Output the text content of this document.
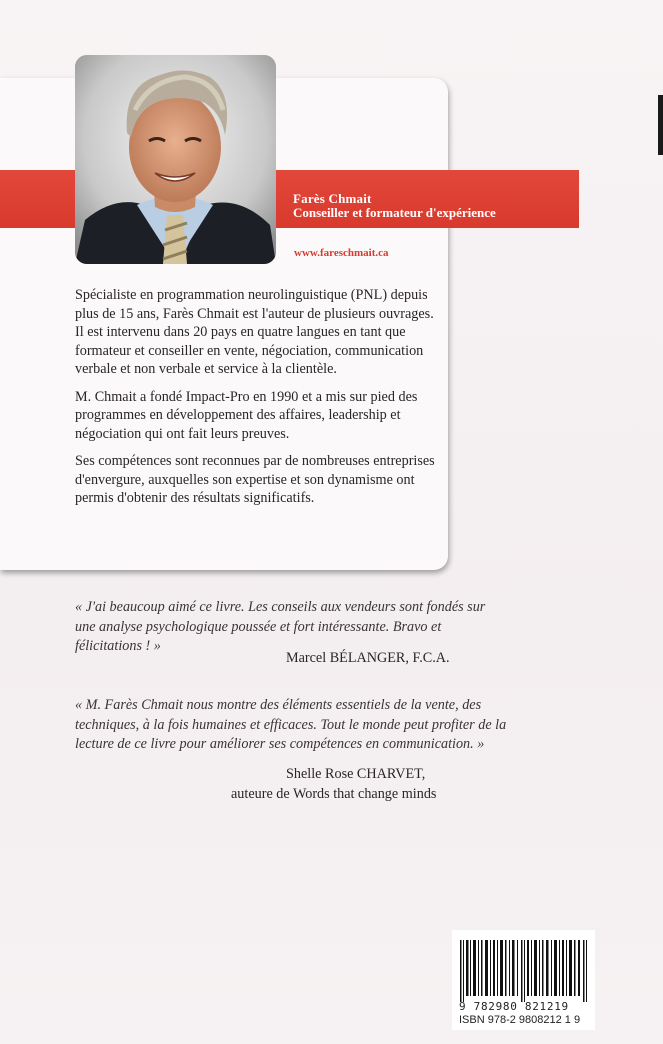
Farès Chmait
Conseiller et formateur d'expérience
www.fareschmait.ca

Spécialiste en programmation neurolinguistique (PNL) depuis plus de 15 ans, Farès Chmait est l'auteur de plusieurs ouvrages. Il est intervenu dans 20 pays en quatre langues en tant que formateur et conseiller en vente, négociation, communication verbale et non verbale et service à la clientèle.

M. Chmait a fondé Impact-Pro en 1990 et a mis sur pied des programmes en développement des affaires, leadership et négociation qui ont fait leurs preuves.

Ses compétences sont reconnues par de nombreuses entreprises d'envergure, auxquelles son expertise et son dynamisme ont permis d'obtenir des résultats significatifs.

« J'ai beaucoup aimé ce livre. Les conseils aux vendeurs sont fondés sur une analyse psychologique poussée et fort intéressante. Bravo et félicitations ! »
Marcel BÉLANGER, F.C.A.
« M. Farès Chmait nous montre des éléments essentiels de la vente, des techniques, à la fois humaines et efficaces. Tout le monde peut profiter de la lecture de ce livre pour améliorer ses compétences en communication. »
Shelle Rose CHARVET,
auteure de Words that change minds
9 782980 821219
ISBN 978-2 9808212 1 9
